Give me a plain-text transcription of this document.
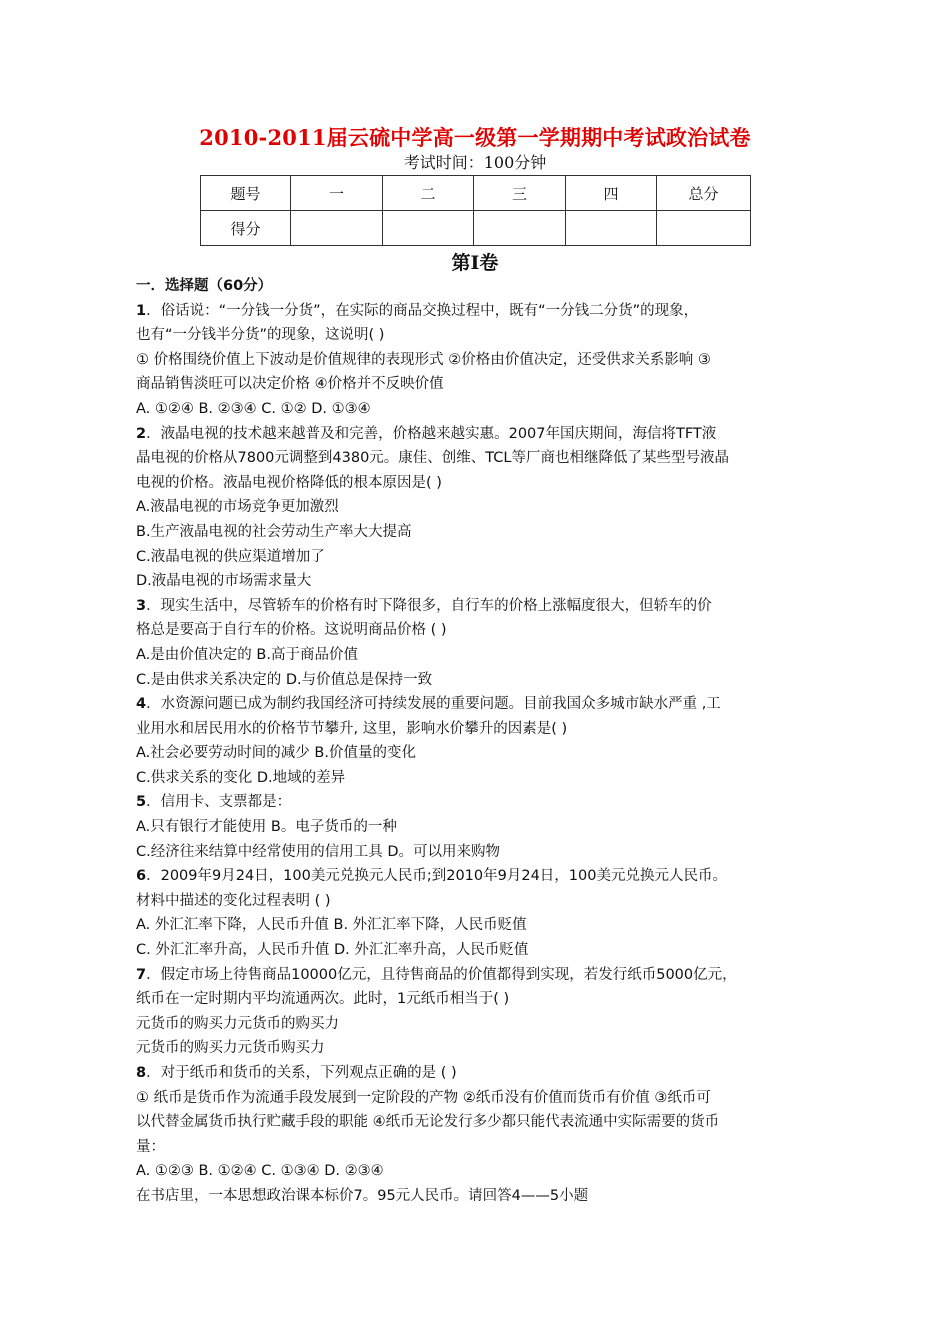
2010-2011届云硫中学高一级第一学期期中考试政治试卷
考试时间：100分钟
题号	一	二	三	四	总分
得分					
第Ⅰ卷
一．选择题（60分）
1．俗话说：“一分钱一分货”，在实际的商品交换过程中，既有“一分钱二分货”的现象，
也有“一分钱半分货”的现象，这说明( )
① 价格围绕价值上下波动是价值规律的表现形式 ②价格由价值决定，还受供求关系影响 ③
商品销售淡旺可以决定价格 ④价格并不反映价值
A. ①②④ B. ②③④ C. ①② D. ①③④
2．液晶电视的技术越来越普及和完善，价格越来越实惠。2007年国庆期间，海信将TFT液
晶电视的价格从7800元调整到4380元。康佳、创维、TCL等厂商也相继降低了某些型号液晶
电视的价格。液晶电视价格降低的根本原因是( )
A.液晶电视的市场竞争更加激烈
B.生产液晶电视的社会劳动生产率大大提高
C.液晶电视的供应渠道增加了
D.液晶电视的市场需求量大
3．现实生活中，尽管轿车的价格有时下降很多，自行车的价格上涨幅度很大，但轿车的价
格总是要高于自行车的价格。这说明商品价格 ( )
A.是由价值决定的 B.高于商品价值
C.是由供求关系决定的 D.与价值总是保持一致
4．水资源问题已成为制约我国经济可持续发展的重要问题。目前我国众多城市缺水严重 ,工
业用水和居民用水的价格节节攀升, 这里，影响水价攀升的因素是( )
A.社会必要劳动时间的减少 B.价值量的变化
C.供求关系的变化 D.地域的差异
5．信用卡、支票都是：
A.只有银行才能使用 B。电子货币的一种
C.经济往来结算中经常使用的信用工具 D。可以用来购物
6．2009年9月24日，100美元兑换元人民币;到2010年9月24日，100美元兑换元人民币。
材料中描述的变化过程表明 ( )
A. 外汇汇率下降，人民币升值 B. 外汇汇率下降，人民币贬值
C. 外汇汇率升高，人民币升值 D. 外汇汇率升高，人民币贬值
7．假定市场上待售商品10000亿元，且待售商品的价值都得到实现，若发行纸币5000亿元，
纸币在一定时期内平均流通两次。此时，1元纸币相当于( )
元货币的购买力元货币的购买力
元货币的购买力元货币购买力
8．对于纸币和货币的关系，下列观点正确的是 ( )
① 纸币是货币作为流通手段发展到一定阶段的产物 ②纸币没有价值而货币有价值 ③纸币可
以代替金属货币执行贮藏手段的职能 ④纸币无论发行多少都只能代表流通中实际需要的货币
量：
A. ①②③ B. ①②④ C. ①③④ D. ②③④
在书店里，一本思想政治课本标价7。95元人民币。请回答4——5小题
